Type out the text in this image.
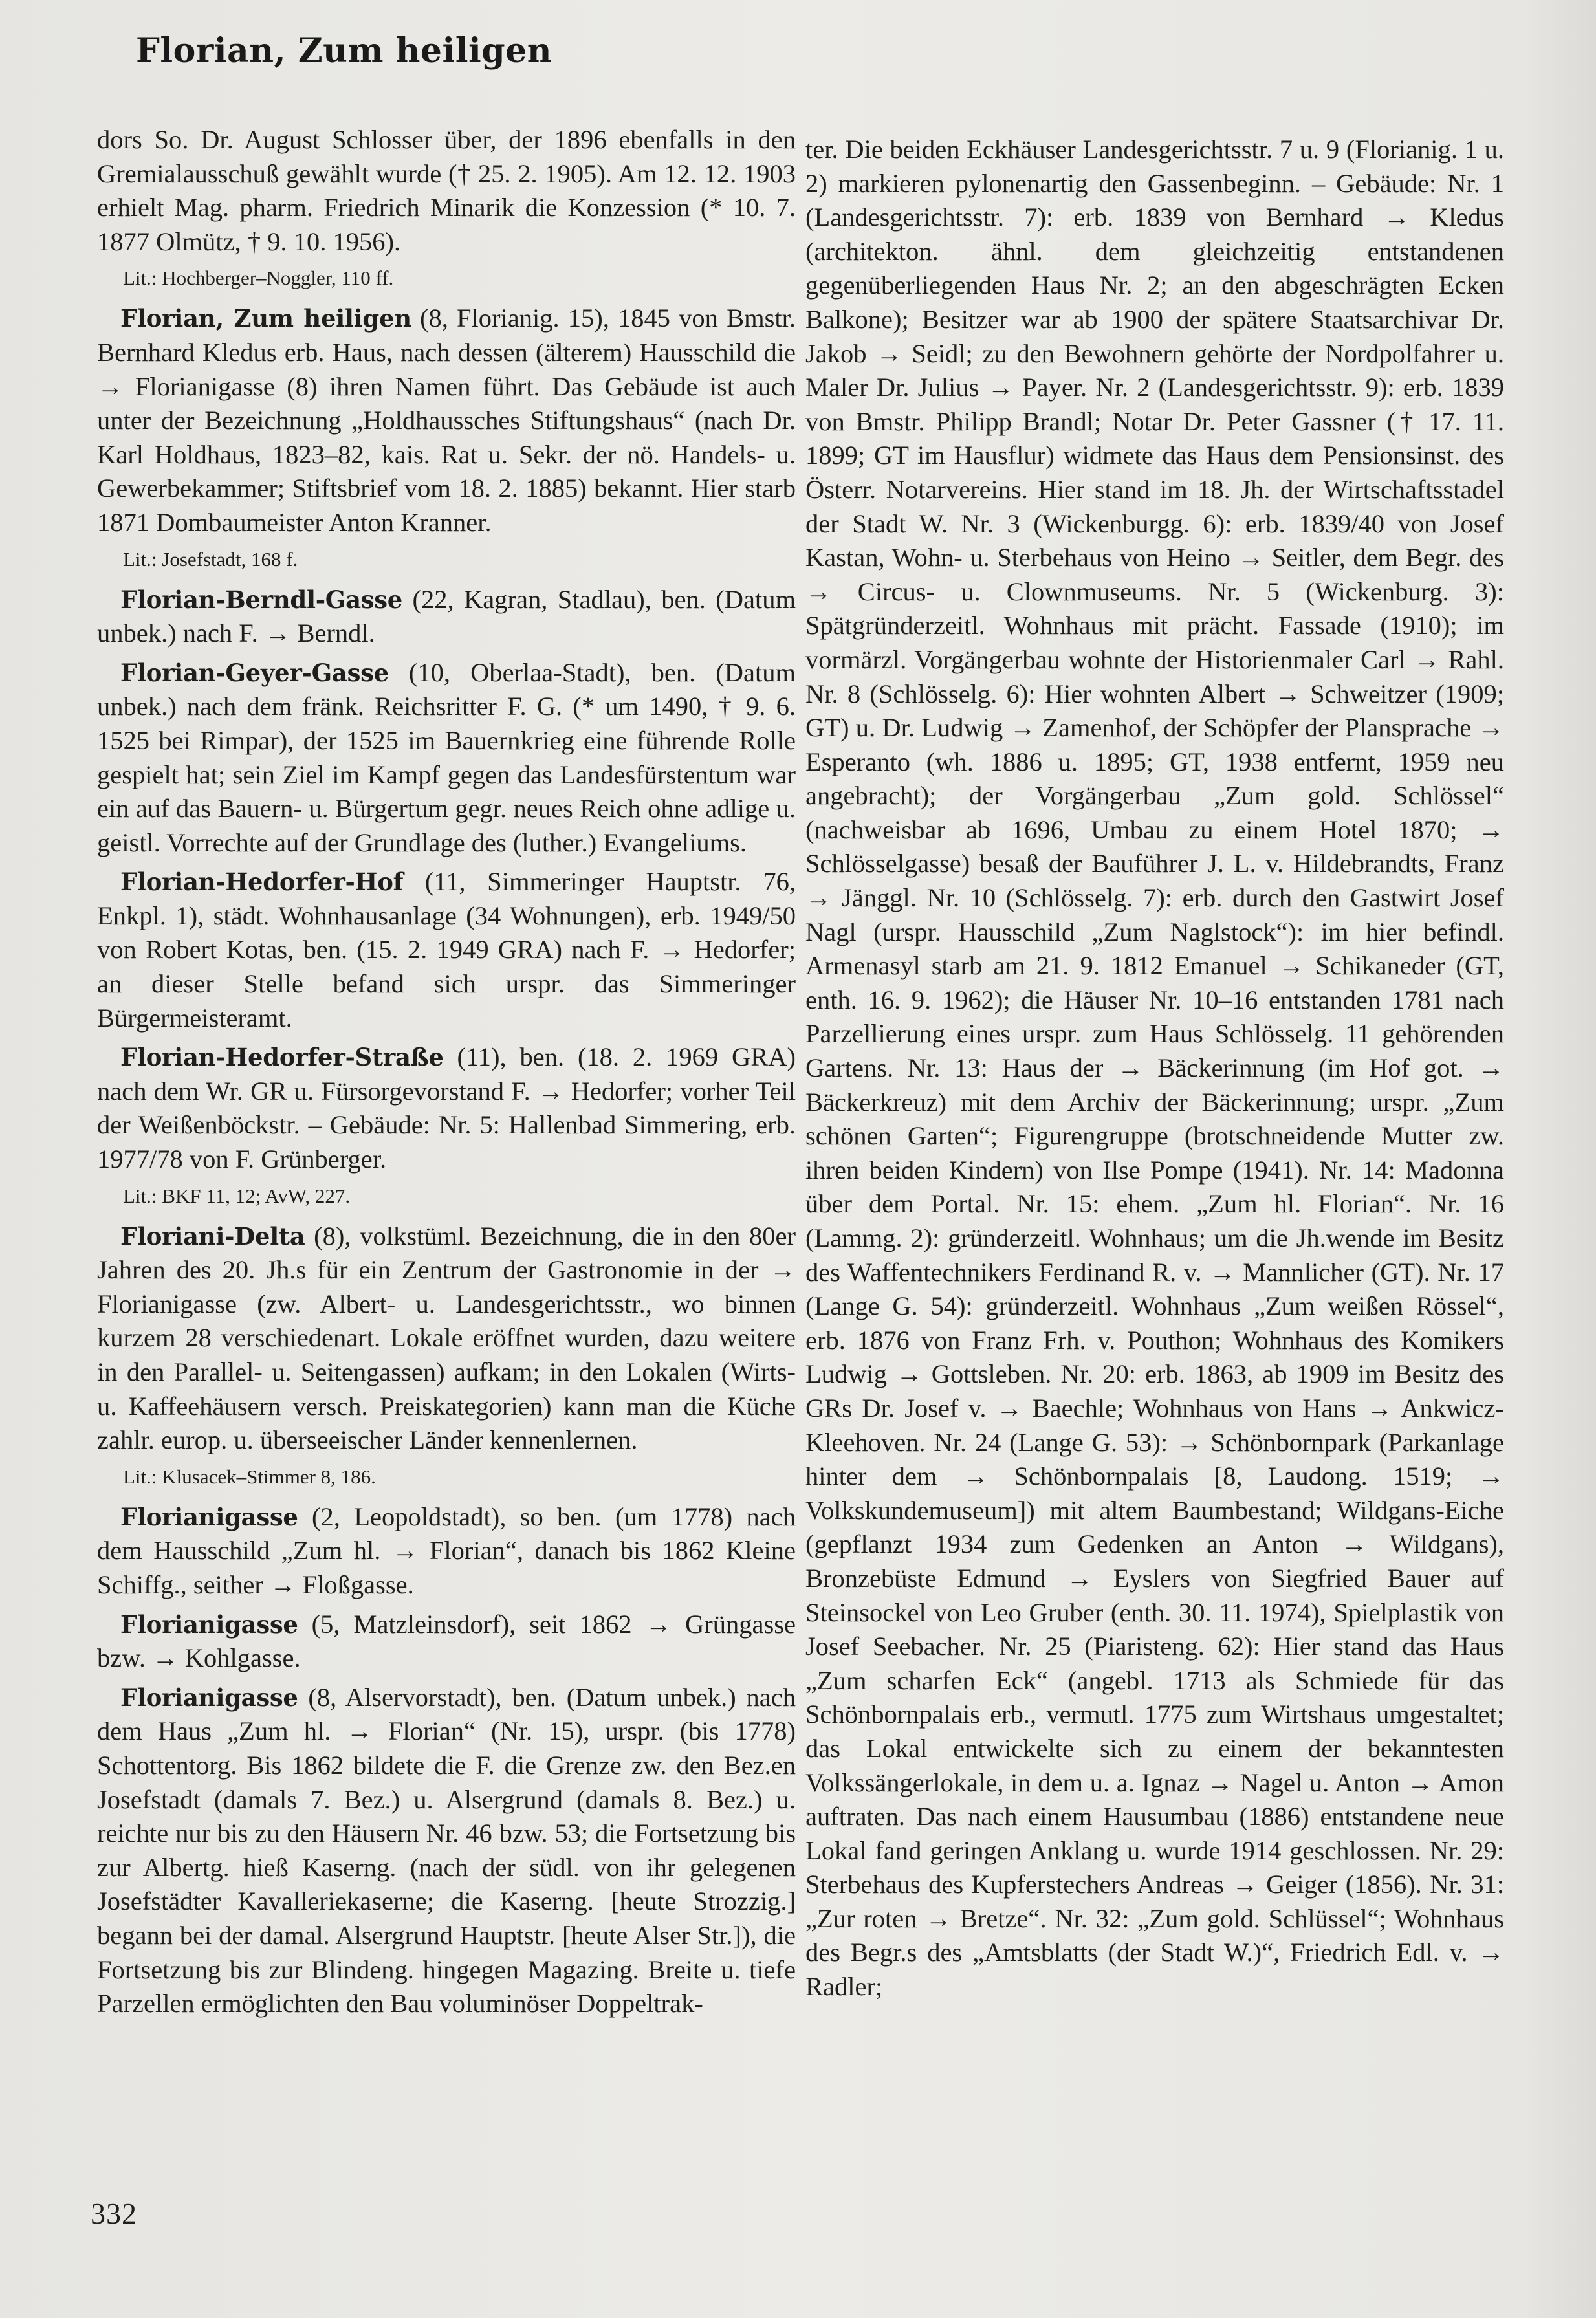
Florian, Zum heiligen

dors So. Dr. August Schlosser über, der 1896 ebenfalls in den Gremialausschuß gewählt wurde († 25. 2. 1905). Am 12. 12. 1903 erhielt Mag. pharm. Friedrich Minarik die Konzession (* 10. 7. 1877 Olmütz, † 9. 10. 1956).

Lit.: Hochberger–Noggler, 110 ff.

Florian, Zum heiligen (8, Florianig. 15), 1845 von Bmstr. Bernhard Kledus erb. Haus, nach dessen (älterem) Hausschild die → Florianigasse (8) ihren Namen führt. Das Gebäude ist auch unter der Bezeichnung „Holdhaussches Stiftungshaus“ (nach Dr. Karl Holdhaus, 1823–82, kais. Rat u. Sekr. der nö. Handels- u. Gewerbekammer; Stiftsbrief vom 18. 2. 1885) bekannt. Hier starb 1871 Dombaumeister Anton Kranner.

Lit.: Josefstadt, 168 f.

Florian-Berndl-Gasse (22, Kagran, Stadlau), ben. (Datum unbek.) nach F. → Berndl.

Florian-Geyer-Gasse (10, Oberlaa-Stadt), ben. (Datum unbek.) nach dem fränk. Reichsritter F. G. (* um 1490, † 9. 6. 1525 bei Rimpar), der 1525 im Bauernkrieg eine führende Rolle gespielt hat; sein Ziel im Kampf gegen das Landesfürstentum war ein auf das Bauern- u. Bürgertum gegr. neues Reich ohne adlige u. geistl. Vorrechte auf der Grundlage des (luther.) Evangeliums.

Florian-Hedorfer-Hof (11, Simmeringer Hauptstr. 76, Enkpl. 1), städt. Wohnhausanlage (34 Wohnungen), erb. 1949/50 von Robert Kotas, ben. (15. 2. 1949 GRA) nach F. → Hedorfer; an dieser Stelle befand sich urspr. das Simmeringer Bürgermeisteramt.

Florian-Hedorfer-Straße (11), ben. (18. 2. 1969 GRA) nach dem Wr. GR u. Fürsorgevorstand F. → Hedorfer; vorher Teil der Weißenböckstr. – Gebäude: Nr. 5: Hallenbad Simmering, erb. 1977/78 von F. Grünberger.

Lit.: BKF 11, 12; AvW, 227.

Floriani-Delta (8), volkstüml. Bezeichnung, die in den 80er Jahren des 20. Jh.s für ein Zentrum der Gastronomie in der → Florianigasse (zw. Albert- u. Landesgerichtsstr., wo binnen kurzem 28 verschiedenart. Lokale eröffnet wurden, dazu weitere in den Parallel- u. Seitengassen) aufkam; in den Lokalen (Wirts- u. Kaffeehäusern versch. Preiskategorien) kann man die Küche zahlr. europ. u. überseeischer Länder kennenlernen.

Lit.: Klusacek–Stimmer 8, 186.

Florianigasse (2, Leopoldstadt), so ben. (um 1778) nach dem Hausschild „Zum hl. → Florian“, danach bis 1862 Kleine Schiffg., seither → Floßgasse.

Florianigasse (5, Matzleinsdorf), seit 1862 → Grüngasse bzw. → Kohlgasse.

Florianigasse (8, Alservorstadt), ben. (Datum unbek.) nach dem Haus „Zum hl. → Florian“ (Nr. 15), urspr. (bis 1778) Schottentorg. Bis 1862 bildete die F. die Grenze zw. den Bez.en Josefstadt (damals 7. Bez.) u. Alsergrund (damals 8. Bez.) u. reichte nur bis zu den Häusern Nr. 46 bzw. 53; die Fortsetzung bis zur Albertg. hieß Kaserng. (nach der südl. von ihr gelegenen Josefstädter Kavalleriekaserne; die Kaserng. [heute Strozzig.] begann bei der damal. Alsergrund Hauptstr. [heute Alser Str.]), die Fortsetzung bis zur Blindeng. hingegen Magazing. Breite u. tiefe Parzellen ermöglichten den Bau voluminöser Doppeltrak-

ter. Die beiden Eckhäuser Landesgerichtsstr. 7 u. 9 (Florianig. 1 u. 2) markieren pylonenartig den Gassenbeginn. – Gebäude: Nr. 1 (Landesgerichtsstr. 7): erb. 1839 von Bernhard → Kledus (architekton. ähnl. dem gleichzeitig entstandenen gegenüberliegenden Haus Nr. 2; an den abgeschrägten Ecken Balkone); Besitzer war ab 1900 der spätere Staatsarchivar Dr. Jakob → Seidl; zu den Bewohnern gehörte der Nordpolfahrer u. Maler Dr. Julius → Payer. Nr. 2 (Landesgerichtsstr. 9): erb. 1839 von Bmstr. Philipp Brandl; Notar Dr. Peter Gassner († 17. 11. 1899; GT im Hausflur) widmete das Haus dem Pensionsinst. des Österr. Notarvereins. Hier stand im 18. Jh. der Wirtschaftsstadel der Stadt W. Nr. 3 (Wickenburgg. 6): erb. 1839/40 von Josef Kastan, Wohn- u. Sterbehaus von Heino → Seitler, dem Begr. des → Circus- u. Clownmuseums. Nr. 5 (Wickenburg. 3): Spätgründerzeitl. Wohnhaus mit prächt. Fassade (1910); im vormärzl. Vorgängerbau wohnte der Historienmaler Carl → Rahl. Nr. 8 (Schlösselg. 6): Hier wohnten Albert → Schweitzer (1909; GT) u. Dr. Ludwig → Zamenhof, der Schöpfer der Plansprache → Esperanto (wh. 1886 u. 1895; GT, 1938 entfernt, 1959 neu angebracht); der Vorgängerbau „Zum gold. Schlössel“ (nachweisbar ab 1696, Umbau zu einem Hotel 1870; → Schlösselgasse) besaß der Bauführer J. L. v. Hildebrandts, Franz → Jänggl. Nr. 10 (Schlösselg. 7): erb. durch den Gastwirt Josef Nagl (urspr. Hausschild „Zum Naglstock“): im hier befindl. Armenasyl starb am 21. 9. 1812 Emanuel → Schikaneder (GT, enth. 16. 9. 1962); die Häuser Nr. 10–16 entstanden 1781 nach Parzellierung eines urspr. zum Haus Schlösselg. 11 gehörenden Gartens. Nr. 13: Haus der → Bäckerinnung (im Hof got. → Bäckerkreuz) mit dem Archiv der Bäckerinnung; urspr. „Zum schönen Garten“; Figurengruppe (brotschneidende Mutter zw. ihren beiden Kindern) von Ilse Pompe (1941). Nr. 14: Madonna über dem Portal. Nr. 15: ehem. „Zum hl. Florian“. Nr. 16 (Lammg. 2): gründerzeitl. Wohnhaus; um die Jh.wende im Besitz des Waffentechnikers Ferdinand R. v. → Mannlicher (GT). Nr. 17 (Lange G. 54): gründerzeitl. Wohnhaus „Zum weißen Rössel“, erb. 1876 von Franz Frh. v. Pouthon; Wohnhaus des Komikers Ludwig → Gottsleben. Nr. 20: erb. 1863, ab 1909 im Besitz des GRs Dr. Josef v. → Baechle; Wohnhaus von Hans → Ankwicz-Kleehoven. Nr. 24 (Lange G. 53): → Schönbornpark (Parkanlage hinter dem → Schönbornpalais [8, Laudong. 1519; → Volkskundemuseum]) mit altem Baumbestand; Wildgans-Eiche (gepflanzt 1934 zum Gedenken an Anton → Wildgans), Bronzebüste Edmund → Eyslers von Siegfried Bauer auf Steinsockel von Leo Gruber (enth. 30. 11. 1974), Spielplastik von Josef Seebacher. Nr. 25 (Piaristeng. 62): Hier stand das Haus „Zum scharfen Eck“ (angebl. 1713 als Schmiede für das Schönbornpalais erb., vermutl. 1775 zum Wirtshaus umgestaltet; das Lokal entwickelte sich zu einem der bekanntesten Volkssängerlokale, in dem u. a. Ignaz → Nagel u. Anton → Amon auftraten. Das nach einem Hausumbau (1886) entstandene neue Lokal fand geringen Anklang u. wurde 1914 geschlossen. Nr. 29: Sterbehaus des Kupferstechers Andreas → Geiger (1856). Nr. 31: „Zur roten → Bretze“. Nr. 32: „Zum gold. Schlüssel“; Wohnhaus des Begr.s des „Amtsblatts (der Stadt W.)“, Friedrich Edl. v. → Radler;

332
